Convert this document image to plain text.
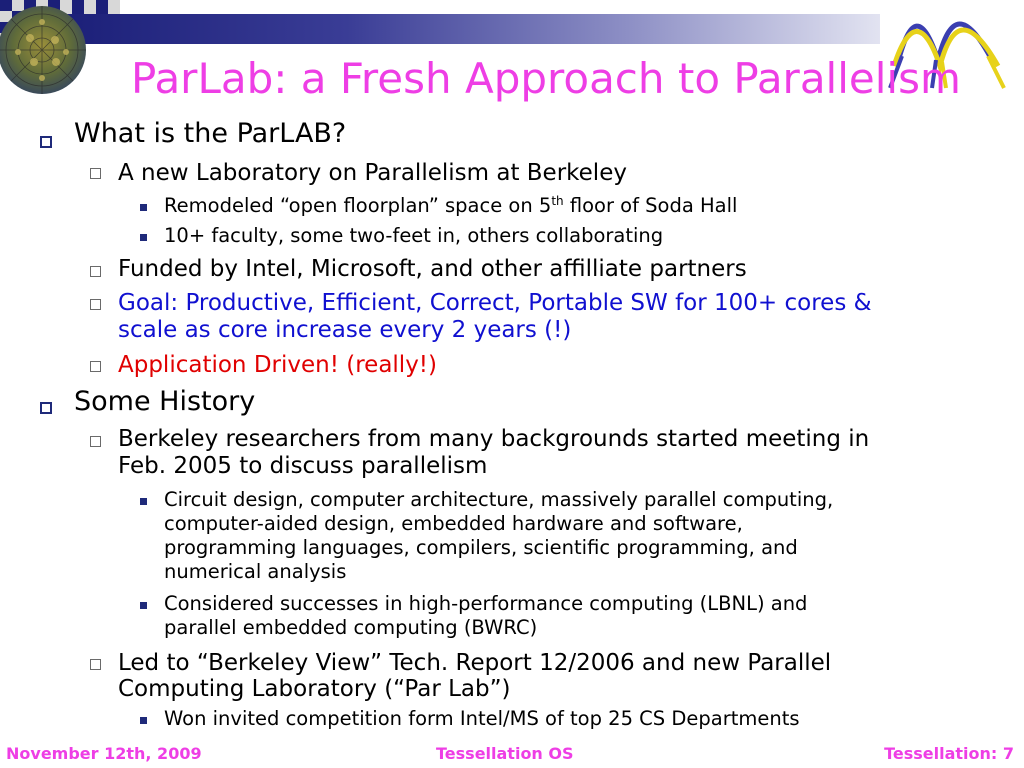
ParLab: a Fresh Approach to Parallelism
What is the ParLAB?
A new Laboratory on Parallelism at Berkeley
Remodeled “open floorplan” space on 5th floor of Soda Hall
10+ faculty, some two-feet in, others collaborating
Funded by Intel, Microsoft, and other affilliate partners
Goal: Productive, Efficient, Correct, Portable SW for 100+ cores &
scale as core increase every 2 years (!)
Application Driven! (really!)
Some History
Berkeley researchers from many backgrounds started meeting in
Feb. 2005 to discuss parallelism
Circuit design, computer architecture, massively parallel computing,
computer-aided design, embedded hardware and software,
programming languages, compilers, scientific programming, and
numerical analysis
Considered successes in high-performance computing (LBNL) and
parallel embedded computing (BWRC)
Led to “Berkeley View” Tech. Report 12/2006 and new Parallel
Computing Laboratory (“Par Lab”)
Won invited competition form Intel/MS of top 25 CS Departments
November 12th, 2009	Tessellation OS	Tessellation: 7
